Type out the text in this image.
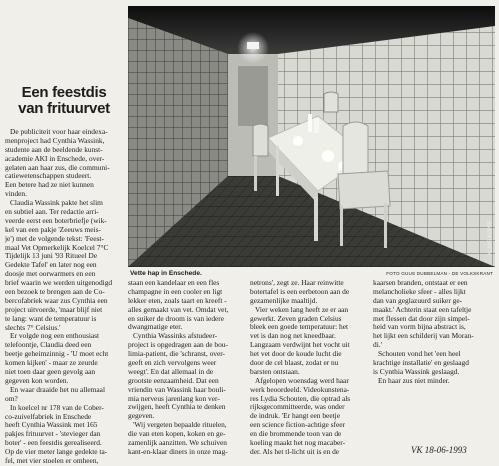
Een feestdis
van frituurvet
De publiciteit voor haar eindexa-
menproject had Cynthia Wassink,
studente aan de beeldende kunst-
academie AKI in Enschede, over-
gelaten aan haar zus, die communi-
catiewetenschappen studeert.
Een betere had ze niet kunnen
vinden.
Claudia Wassink pakte het slim
en subtiel aan. Ter redactie arri-
veerde eerst een boterbriefje (wik-
kel van een pakje 'Zeeuws meis-
je') met de volgende tekst: 'Feest-
maal Vet Opmerkelijk Koelcel 7°C
Tijdelijk 13 juni '93 Ritueel De
Gedekte Tafel' en later nog een
doosje met oorwarmers en een
brief waarin we werden uitgenodigd
een bezoek te brengen aan de Co-
bercofabriek waar zus Cynthia een
project uitvoerde, 'maar blijf niet
te lang: want de temperatuur is
slechts 7° Celsius.'
Er volgde nog een enthousiast
telefoontje, Claudia deed een
beetje geheimzinnig - 'U moet echt
komen kijken' - maar ze zeurde
niet toen daar geen gevolg aan
gegeven kon worden.
En waar draaide het nu allemaal
om?
In koelcel nr 178 van de Cober-
co-zuivelfabriek in Enschede
heeft Cynthia Wassink met 165
pakjes frituurvet - 'stevieger dan
boter' - een feestdis gerealiseerd.
Op de vier meter lange gedekte ta-
fel, met vier stoelen er omheen,
staan een kandelaar en een fles
champagne in een cooler en ligt
lekker eten, zoals taart en kreeft -
alles gemaakt van vet. Omdat vet,
en suiker de droom is van iedere
dwangmatige eter.
Cynthia Wassinks afstudeer-
project is opgedragen aan de bou-
limia-patient, die 'schranst, over-
geeft en zich vervolgens weer
weegt'. En dat allemaal in de
grootste eenzaamheid. Dat een
vriendin van Wassink haar bouli-
mia nerveus jarenlang kon ver-
zwijgen, heeft Cynthia te denken
gegeven.
'Wij vergeten bepaalde rituelen,
die van eten kopen, koken en ge-
zamenlijk aanzitten. We schuiven
kant-en-klaar diners in onze mag-
netrons', zegt ze. Haar reinwitte
botertafel is een eerbetoon aan de
gezamenlijke maaltijd.
Vier weken lang heeft ze er aan
gewerkt. Zeven graden Celsius
bleek een goede temperatuur: het
vet is dan nog net kneedbaar.
Langzaam verdwijnt het vocht uit
het vet door de koude lucht die
door de cel blaast, zodat er nu
barsten ontstaan.
Afgelopen woensdag werd haar
werk beoordeeld. Videokunstena-
res Lydia Schouten, die optrad als
rijksgecommitteerde, was onder
de indruk. 'Er hangt een beetje
een science fiction-achtige sfeer
en die brommende toon van de
koeling maakt het nog macaber-
der. Als het tl-licht uit is en de
kaarsen branden, ontstaat er een
melancholieke sfeer - alles lijkt
dan van geglazuurd suiker ge-
maakt.' Achterin staat een tafeltje
met flessen dat door zijn simpel-
heid van vorm bijna abstract is,
het lijkt een schilderij van Moran-
di.'
Schouten vond het 'een heel
krachtige installatie' en geslaagd
is Cynthia Wassink geslaagd.
En haar zus niet minder.
KLAAS KOPPE
Vette hap in Enschede.	FOTO GUUS DUBBELMAN - DE VOLKSKRANT
VK 18-06-1993
